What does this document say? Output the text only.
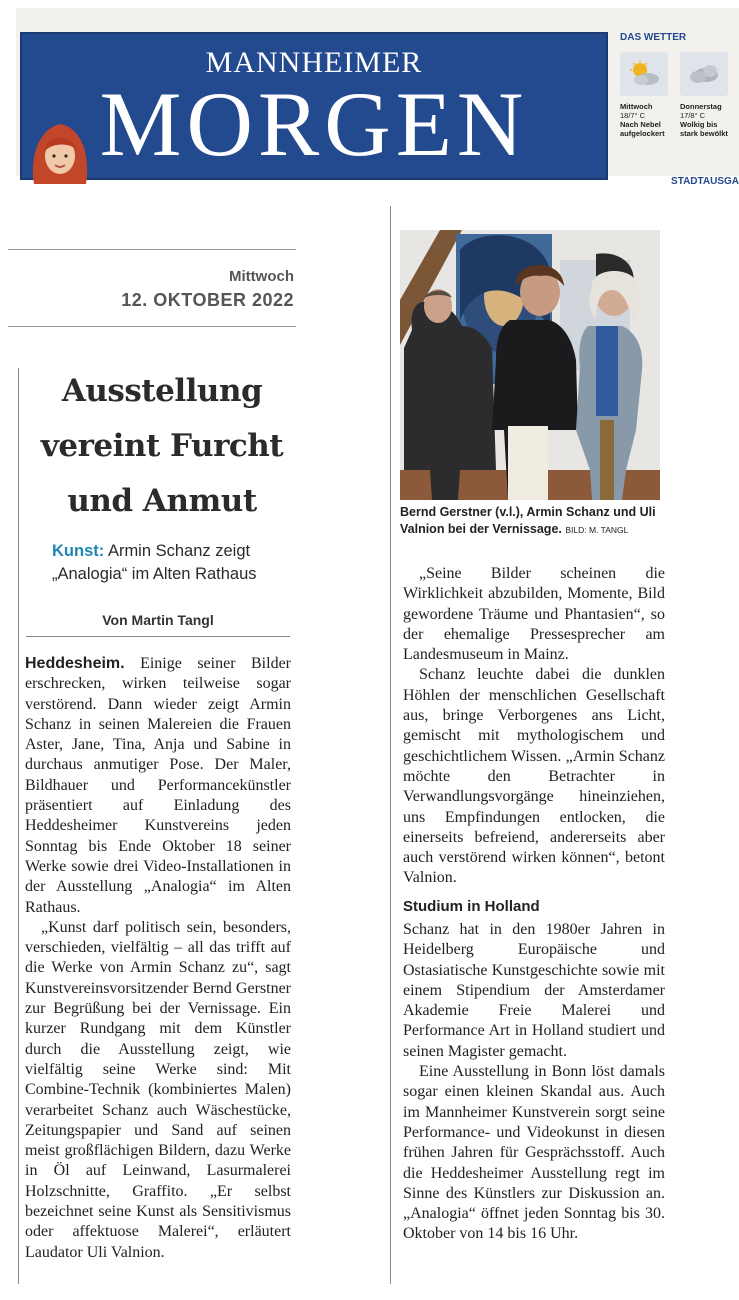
MANNHEIMER
MORGEN
DAS WETTER
Mittwoch
18/7° C
Nach Nebel aufgelockert
Donnerstag
17/8° C
Wolkig bis stark bewölkt
STADTAUSGA
Mittwoch
12. OKTOBER 2022
Ausstellung vereint Furcht und Anmut
Kunst: Armin Schanz zeigt „Analogia“ im Alten Rathaus
Von Martin Tangl

Heddesheim. Einige seiner Bilder erschrecken, wirken teilweise sogar verstörend. Dann wieder zeigt Armin Schanz in seinen Malereien die Frauen Aster, Jane, Tina, Anja und Sabine in durchaus anmutiger Pose. Der Maler, Bildhauer und Performancekünstler präsentiert auf Einladung des Heddesheimer Kunstvereins jeden Sonntag bis Ende Oktober 18 seiner Werke sowie drei Video-Installationen in der Ausstellung „Analogia“ im Alten Rathaus.

„Kunst darf politisch sein, besonders, verschieden, vielfältig – all das trifft auf die Werke von Armin Schanz zu“, sagt Kunstvereinsvorsitzender Bernd Gerstner zur Begrüßung bei der Vernissage. Ein kurzer Rundgang mit dem Künstler durch die Ausstellung zeigt, wie vielfältig seine Werke sind: Mit Combine-Technik (kombiniertes Malen) verarbeitet Schanz auch Wäschestücke, Zeitungspapier und Sand auf seinen meist großflächigen Bildern, dazu Werke in Öl auf Leinwand, Lasurmalerei Holzschnitte, Graffito. „Er selbst bezeichnet seine Kunst als Sensitivismus oder affektuose Malerei“, erläutert Laudator Uli Valnion.

Bernd Gerstner (v.l.), Armin Schanz und Uli Valnion bei der Vernissage. BILD: M. TANGL

„Seine Bilder scheinen die Wirklichkeit abzubilden, Momente, Bild gewordene Träume und Phantasien“, so der ehemalige Pressesprecher am Landesmuseum in Mainz.

Schanz leuchte dabei die dunklen Höhlen der menschlichen Gesellschaft aus, bringe Verborgenes ans Licht, gemischt mit mythologischem und geschichtlichem Wissen. „Armin Schanz möchte den Betrachter in Verwandlungsvorgänge hineinziehen, uns Empfindungen entlocken, die einerseits befreiend, andererseits aber auch verstörend wirken können“, betont Valnion.

Studium in Holland

Schanz hat in den 1980er Jahren in Heidelberg Europäische und Ostasiatische Kunstgeschichte sowie mit einem Stipendium der Amsterdamer Akademie Freie Malerei und Performance Art in Holland studiert und seinen Magister gemacht.

Eine Ausstellung in Bonn löst damals sogar einen kleinen Skandal aus. Auch im Mannheimer Kunstverein sorgt seine Performance- und Videokunst in diesen frühen Jahren für Gesprächsstoff. Auch die Heddesheimer Ausstellung regt im Sinne des Künstlers zur Diskussion an. „Analogia“ öffnet jeden Sonntag bis 30. Oktober von 14 bis 16 Uhr.
